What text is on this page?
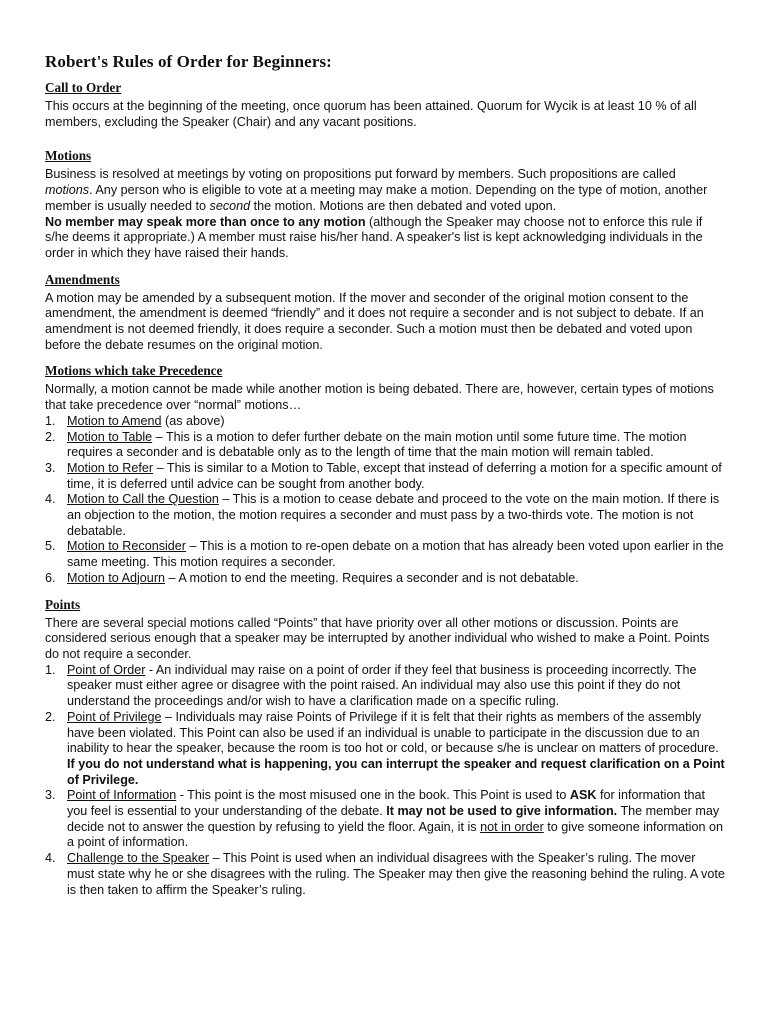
Robert's Rules of Order for Beginners:
Call to Order

This occurs at the beginning of the meeting, once quorum has been attained. Quorum for Wycik is at least 10 % of all members, excluding the Speaker (Chair) and any vacant positions.

Motions

Business is resolved at meetings by voting on propositions put forward by members. Such propositions are called motions. Any person who is eligible to vote at a meeting may make a motion. Depending on the type of motion, another member is usually needed to second the motion. Motions are then debated and voted upon.
No member may speak more than once to any motion (although the Speaker may choose not to enforce this rule if s/he deems it appropriate.) A member must raise his/her hand. A speaker's list is kept acknowledging individuals in the order in which they have raised their hands.

Amendments

A motion may be amended by a subsequent motion. If the mover and seconder of the original motion consent to the amendment, the amendment is deemed “friendly” and it does not require a seconder and is not subject to debate. If an amendment is not deemed friendly, it does require a seconder. Such a motion must then be debated and voted upon before the debate resumes on the original motion.

Motions which take Precedence

Normally, a motion cannot be made while another motion is being debated. There are, however, certain types of motions that take precedence over “normal” motions…

1. Motion to Amend (as above)
2. Motion to Table – This is a motion to defer further debate on the main motion until some future time. The motion requires a seconder and is debatable only as to the length of time that the main motion will remain tabled.
3. Motion to Refer – This is similar to a Motion to Table, except that instead of deferring a motion for a specific amount of time, it is deferred until advice can be sought from another body.
4. Motion to Call the Question – This is a motion to cease debate and proceed to the vote on the main motion. If there is an objection to the motion, the motion requires a seconder and must pass by a two-thirds vote. The motion is not debatable.
5. Motion to Reconsider – This is a motion to re-open debate on a motion that has already been voted upon earlier in the same meeting. This motion requires a seconder.
6. Motion to Adjourn – A motion to end the meeting. Requires a seconder and is not debatable.
Points

There are several special motions called “Points” that have priority over all other motions or discussion. Points are considered serious enough that a speaker may be interrupted by another individual who wished to make a Point. Points do not require a seconder.

1. Point of Order - An individual may raise on a point of order if they feel that business is proceeding incorrectly. The speaker must either agree or disagree with the point raised. An individual may also use this point if they do not understand the proceedings and/or wish to have a clarification made on a specific ruling.
2. Point of Privilege – Individuals may raise Points of Privilege if it is felt that their rights as members of the assembly have been violated. This Point can also be used if an individual is unable to participate in the discussion due to an inability to hear the speaker, because the room is too hot or cold, or because s/he is unclear on matters of procedure. If you do not understand what is happening, you can interrupt the speaker and request clarification on a Point of Privilege.
3. Point of Information - This point is the most misused one in the book. This Point is used to ASK for information that you feel is essential to your understanding of the debate. It may not be used to give information. The member may decide not to answer the question by refusing to yield the floor. Again, it is not in order to give someone information on a point of information.
4. Challenge to the Speaker – This Point is used when an individual disagrees with the Speaker’s ruling. The mover must state why he or she disagrees with the ruling. The Speaker may then give the reasoning behind the ruling. A vote is then taken to affirm the Speaker’s ruling.
